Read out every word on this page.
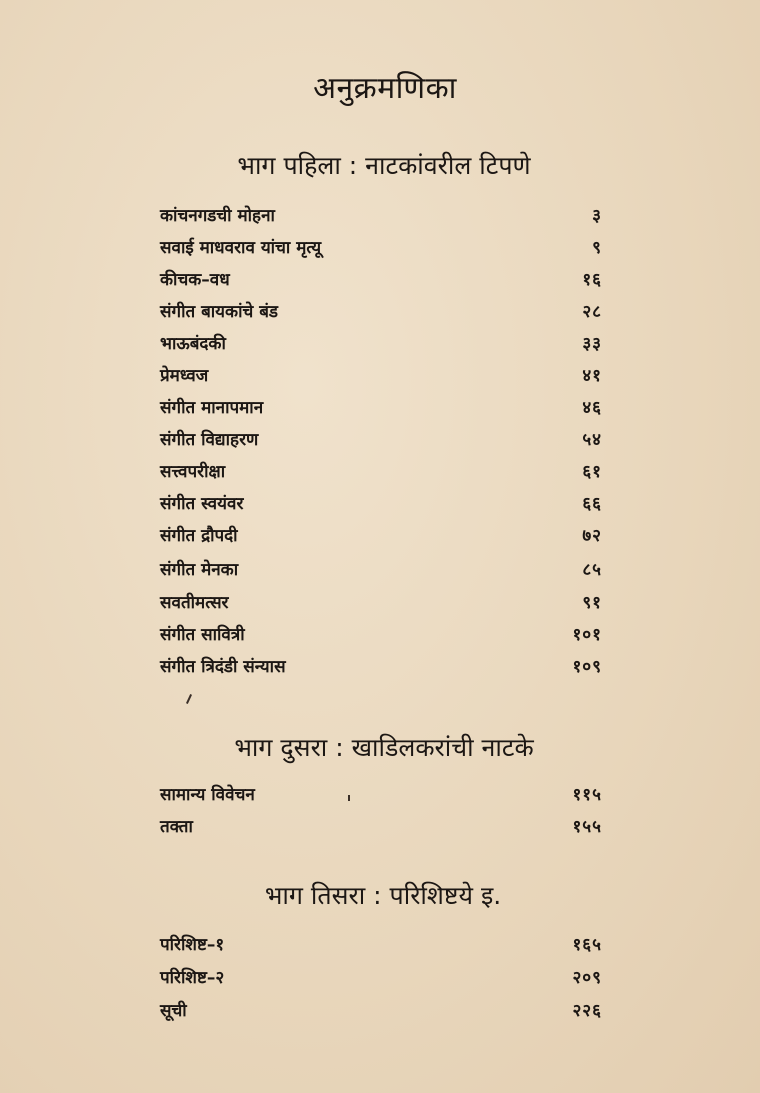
अनुक्रमणिका
भाग पहिला : नाटकांवरील टिपणे
कांचनगडची मोहना	३
सवाई माधवराव यांचा मृत्यू	९
कीचक–वध	१६
संगीत बायकांचे बंड	२८
भाऊबंदकी	३३
प्रेमध्वज	४१
संगीत मानापमान	४६
संगीत विद्याहरण	५४
सत्त्वपरीक्षा	६१
संगीत स्वयंवर	६६
संगीत द्रौपदी	७२
संगीत मेनका	८५
सवतीमत्सर	९१
संगीत सावित्री	१०१
संगीत त्रिदंडी संन्यास	१०९
भाग दुसरा : खाडिलकरांची नाटके
सामान्य विवेचन	११५
तक्ता	१५५
भाग तिसरा : परिशिष्टये इ.
परिशिष्ट–१	१६५
परिशिष्ट–२	२०९
सूची	२२६
